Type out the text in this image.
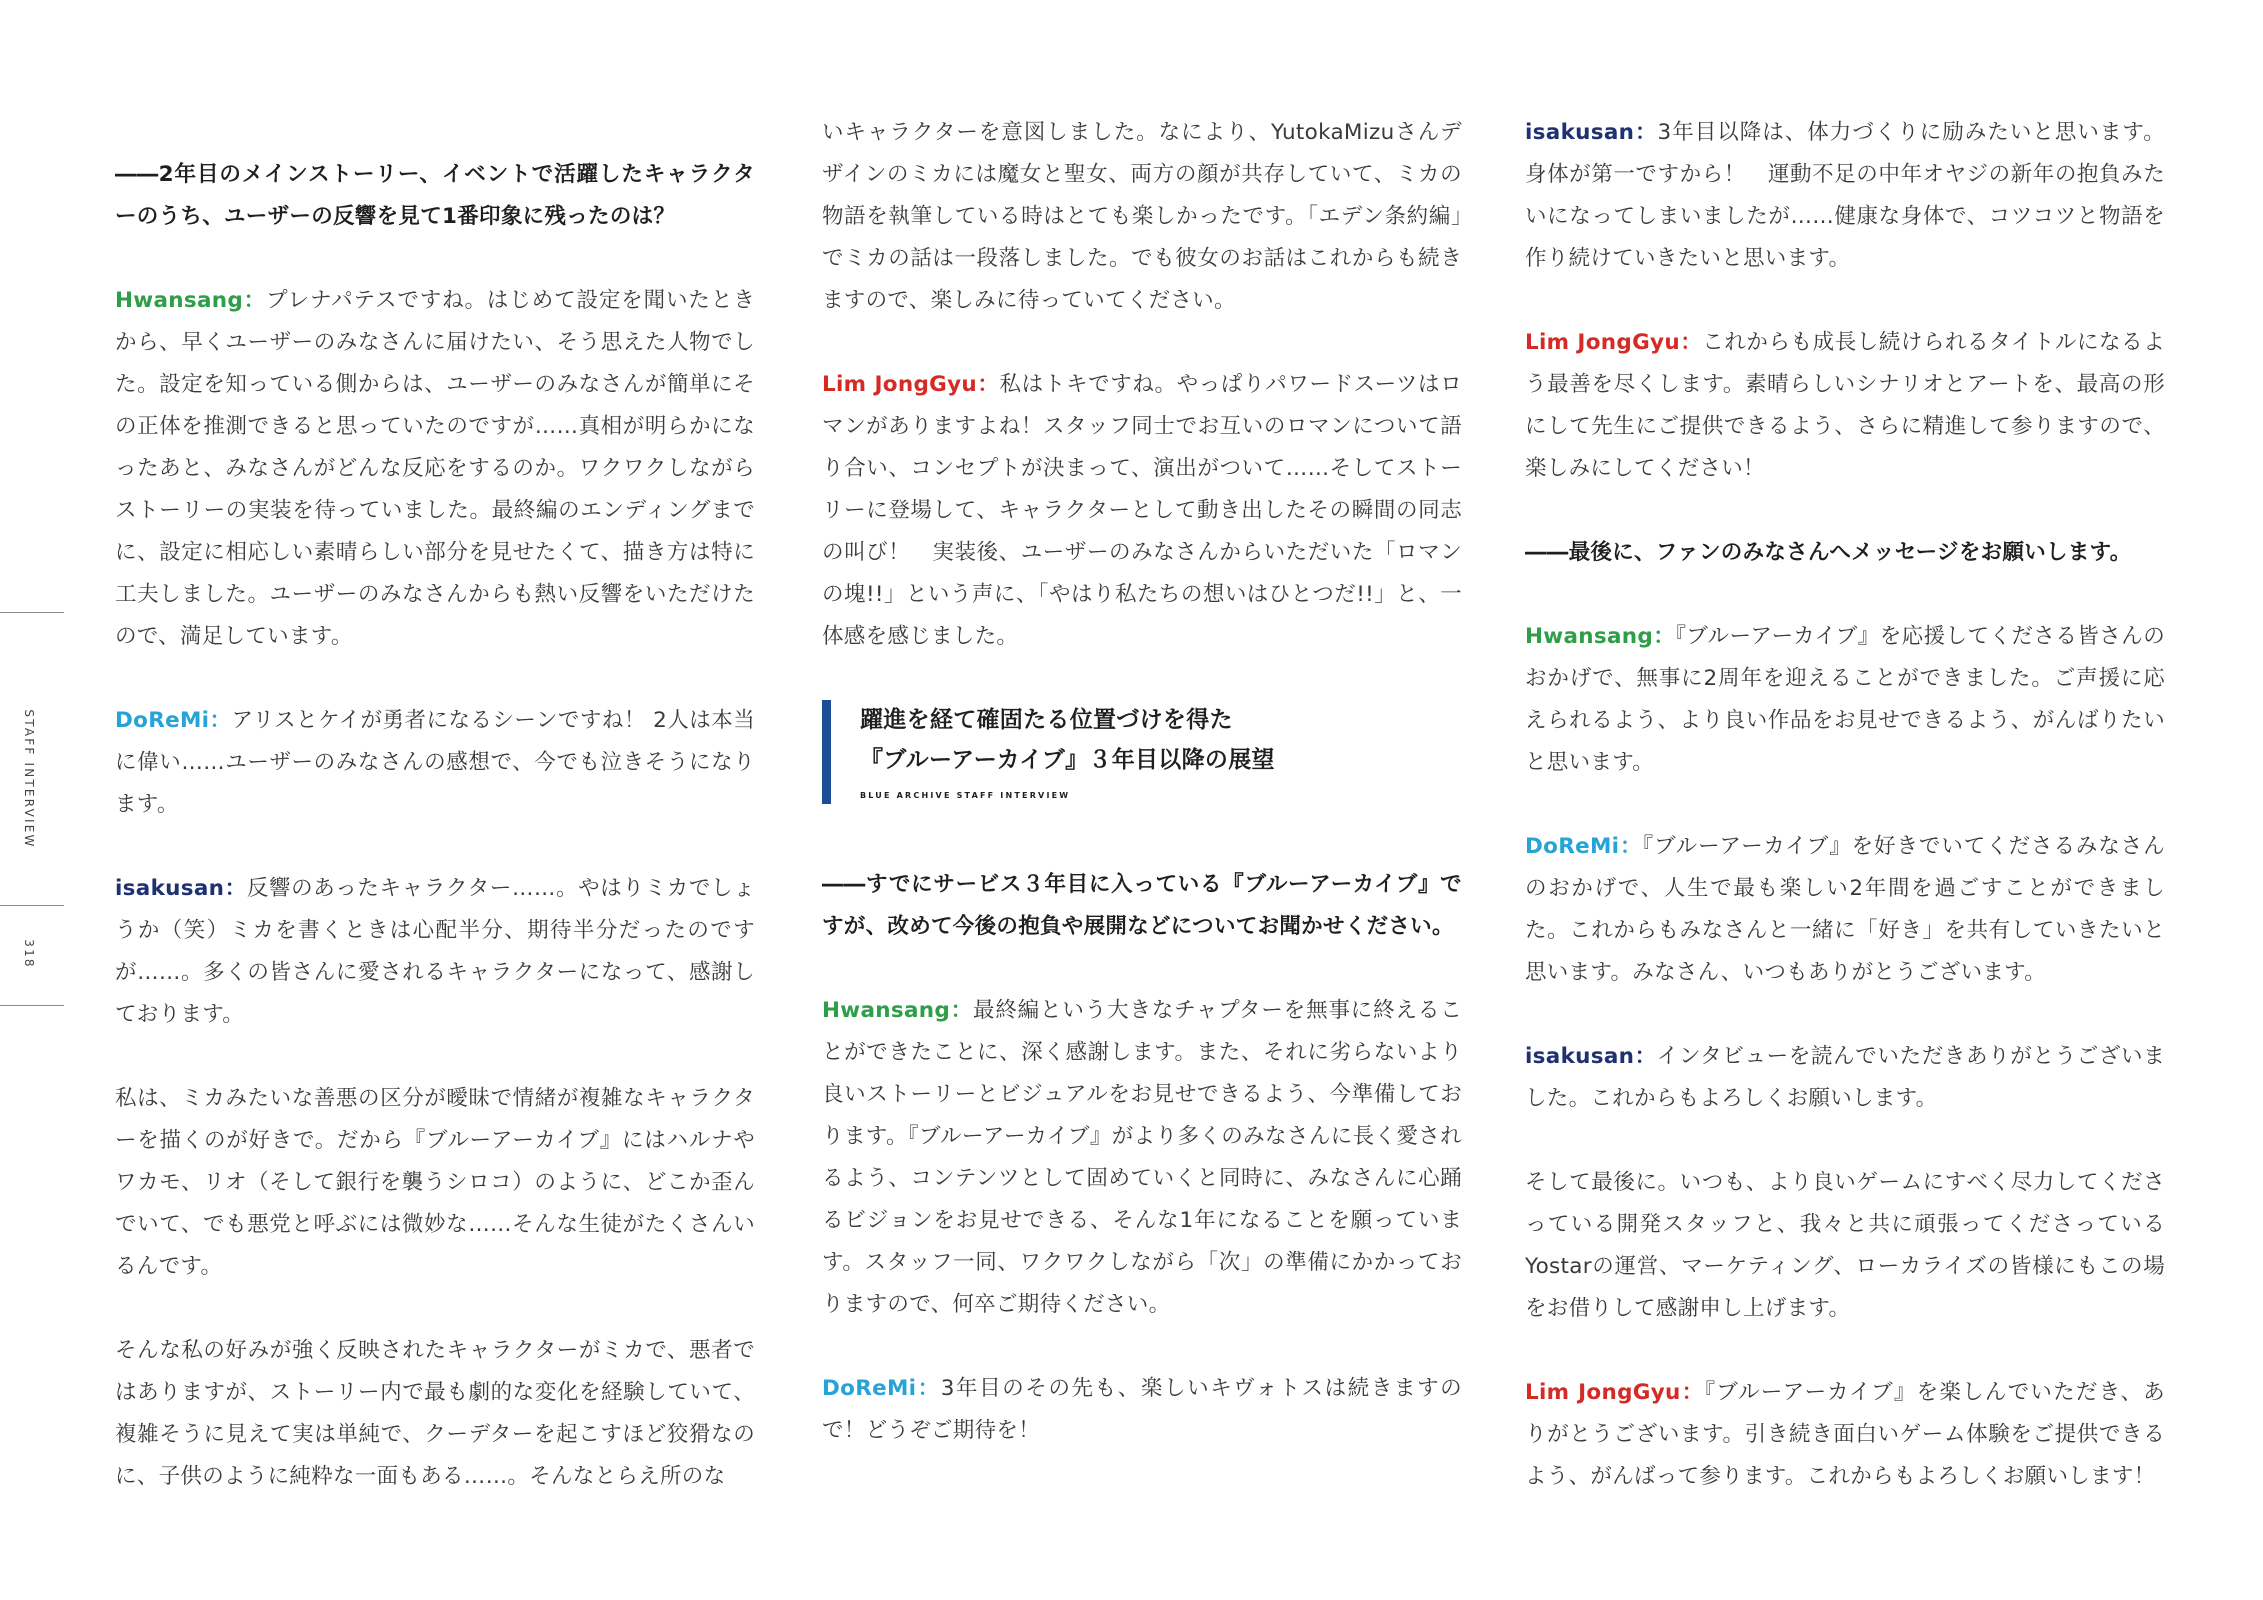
STAFF INTERVIEW
318

――2年目のメインストーリー、イベントで活躍したキャラクターのうち、ユーザーの反響を見て1番印象に残ったのは？

Hwansang：プレナパテスですね。はじめて設定を聞いたときから、早くユーザーのみなさんに届けたい、そう思えた人物でした。設定を知っている側からは、ユーザーのみなさんが簡単にその正体を推測できると思っていたのですが……真相が明らかになったあと、みなさんがどんな反応をするのか。ワクワクしながらストーリーの実装を待っていました。最終編のエンディングまでに、設定に相応しい素晴らしい部分を見せたくて、描き方は特に工夫しました。ユーザーのみなさんからも熱い反響をいただけたので、満足しています。

DoReMi：アリスとケイが勇者になるシーンですね！ 2人は本当に偉い……ユーザーのみなさんの感想で、今でも泣きそうになります。

isakusan：反響のあったキャラクター……。やはりミカでしょうか（笑）ミカを書くときは心配半分、期待半分だったのですが……。多くの皆さんに愛されるキャラクターになって、感謝しております。

私は、ミカみたいな善悪の区分が曖昧で情緒が複雑なキャラクターを描くのが好きで。だから『ブルーアーカイブ』にはハルナやワカモ、リオ（そして銀行を襲うシロコ）のように、どこか歪んでいて、でも悪党と呼ぶには微妙な……そんな生徒がたくさんいるんです。

そんな私の好みが強く反映されたキャラクターがミカで、悪者ではありますが、ストーリー内で最も劇的な変化を経験していて、複雑そうに見えて実は単純で、クーデターを起こすほど狡猾なのに、子供のように純粋な一面もある……。そんなとらえ所のな

いキャラクターを意図しました。なにより、YutokaMizuさんデザインのミカには魔女と聖女、両方の顔が共存していて、ミカの物語を執筆している時はとても楽しかったです。「エデン条約編」でミカの話は一段落しました。でも彼女のお話はこれからも続きますので、楽しみに待っていてください。

Lim JongGyu：私はトキですね。やっぱりパワードスーツはロマンがありますよね！スタッフ同士でお互いのロマンについて語り合い、コンセプトが決まって、演出がついて……そしてストーリーに登場して、キャラクターとして動き出したその瞬間の同志の叫び！　実装後、ユーザーのみなさんからいただいた「ロマンの塊!!」という声に、「やはり私たちの想いはひとつだ!!」と、一体感を感じました。

躍進を経て確固たる位置づけを得た
『ブルーアーカイブ』３年目以降の展望
BLUE ARCHIVE STAFF INTERVIEW

――すでにサービス３年目に入っている『ブルーアーカイブ』ですが、改めて今後の抱負や展開などについてお聞かせください。

Hwansang：最終編という大きなチャプターを無事に終えることができたことに、深く感謝します。また、それに劣らないより良いストーリーとビジュアルをお見せできるよう、今準備しております。『ブルーアーカイブ』がより多くのみなさんに長く愛されるよう、コンテンツとして固めていくと同時に、みなさんに心踊るビジョンをお見せできる、そんな1年になることを願っています。スタッフ一同、ワクワクしながら「次」の準備にかかっておりますので、何卒ご期待ください。

DoReMi：3年目のその先も、楽しいキヴォトスは続きますので！どうぞご期待を！

isakusan：3年目以降は、体力づくりに励みたいと思います。身体が第一ですから！　運動不足の中年オヤジの新年の抱負みたいになってしまいましたが……健康な身体で、コツコツと物語を作り続けていきたいと思います。

Lim JongGyu：これからも成長し続けられるタイトルになるよう最善を尽くします。素晴らしいシナリオとアートを、最高の形にして先生にご提供できるよう、さらに精進して参りますので、楽しみにしてください！

――最後に、ファンのみなさんへメッセージをお願いします。

Hwansang：『ブルーアーカイブ』を応援してくださる皆さんのおかげで、無事に2周年を迎えることができました。ご声援に応えられるよう、より良い作品をお見せできるよう、がんばりたいと思います。

DoReMi：『ブルーアーカイブ』を好きでいてくださるみなさんのおかげで、人生で最も楽しい2年間を過ごすことができました。これからもみなさんと一緒に「好き」を共有していきたいと思います。みなさん、いつもありがとうございます。

isakusan：インタビューを読んでいただきありがとうございました。これからもよろしくお願いします。

そして最後に。いつも、より良いゲームにすべく尽力してくださっている開発スタッフと、我々と共に頑張ってくださっているYostarの運営、マーケティング、ローカライズの皆様にもこの場をお借りして感謝申し上げます。

Lim JongGyu：『ブルーアーカイブ』を楽しんでいただき、ありがとうございます。引き続き面白いゲーム体験をご提供できるよう、がんばって参ります。これからもよろしくお願いします！
